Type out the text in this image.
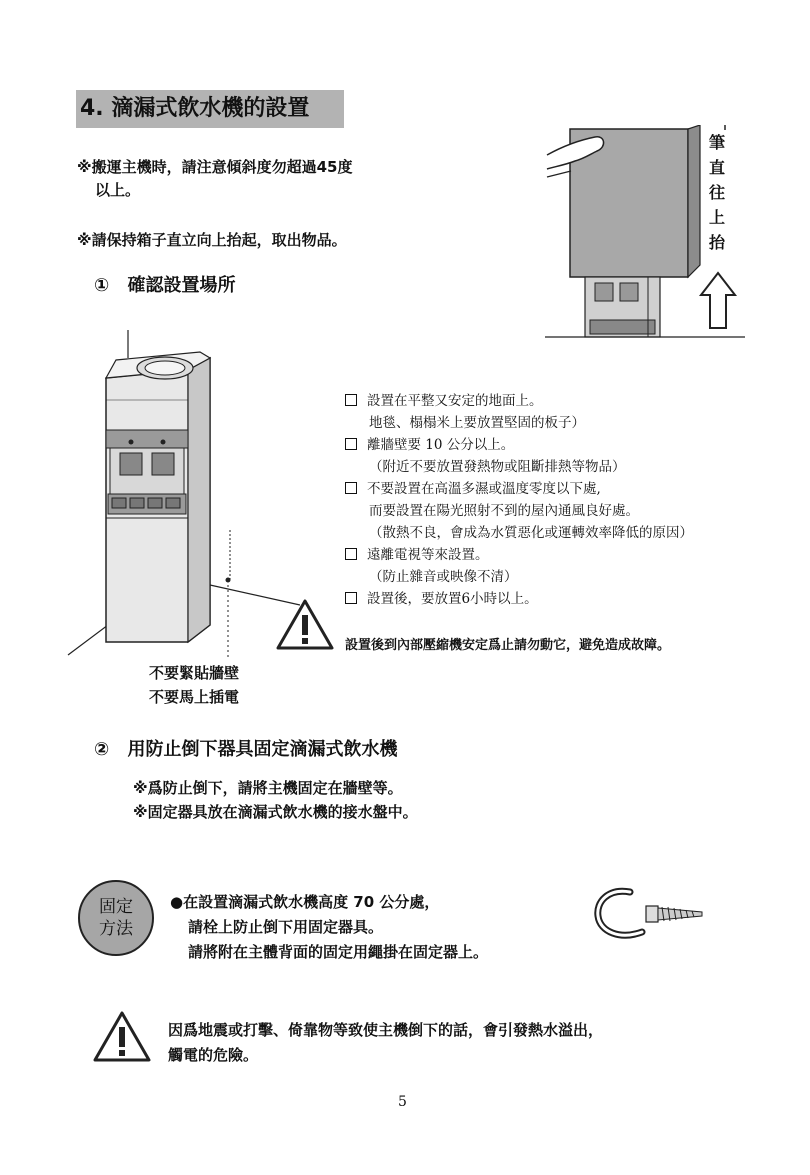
4. 滴漏式飲水機的設置
※搬運主機時，請注意傾斜度勿超過45度
以上。
※請保持箱子直立向上抬起，取出物品。
筆
直
往
上
抬
① 確認設置場所
設置在平整又安定的地面上。
地毯、榻榻米上要放置堅固的板子）
離牆壁要 10 公分以上。
（附近不要放置發熱物或阻斷排熱等物品）
不要設置在高溫多濕或溫度零度以下處,
而要設置在陽光照射不到的屋內通風良好處。
（散熱不良，會成為水質惡化或運轉效率降低的原因）
遠離電視等來設置。
（防止雜音或映像不清）
設置後，要放置6小時以上。
設置後到內部壓縮機安定爲止請勿動它，避免造成故障。
不要緊貼牆壁
不要馬上插電
② 用防止倒下器具固定滴漏式飲水機
※爲防止倒下，請將主機固定在牆壁等。
※固定器具放在滴漏式飲水機的接水盤中。
固定
方法
●在設置滴漏式飲水機高度 70 公分處，
請栓上防止倒下用固定器具。
請將附在主體背面的固定用繩掛在固定器上。
因爲地震或打擊、倚靠物等致使主機倒下的話，會引發熱水溢出，
觸電的危險。
5
